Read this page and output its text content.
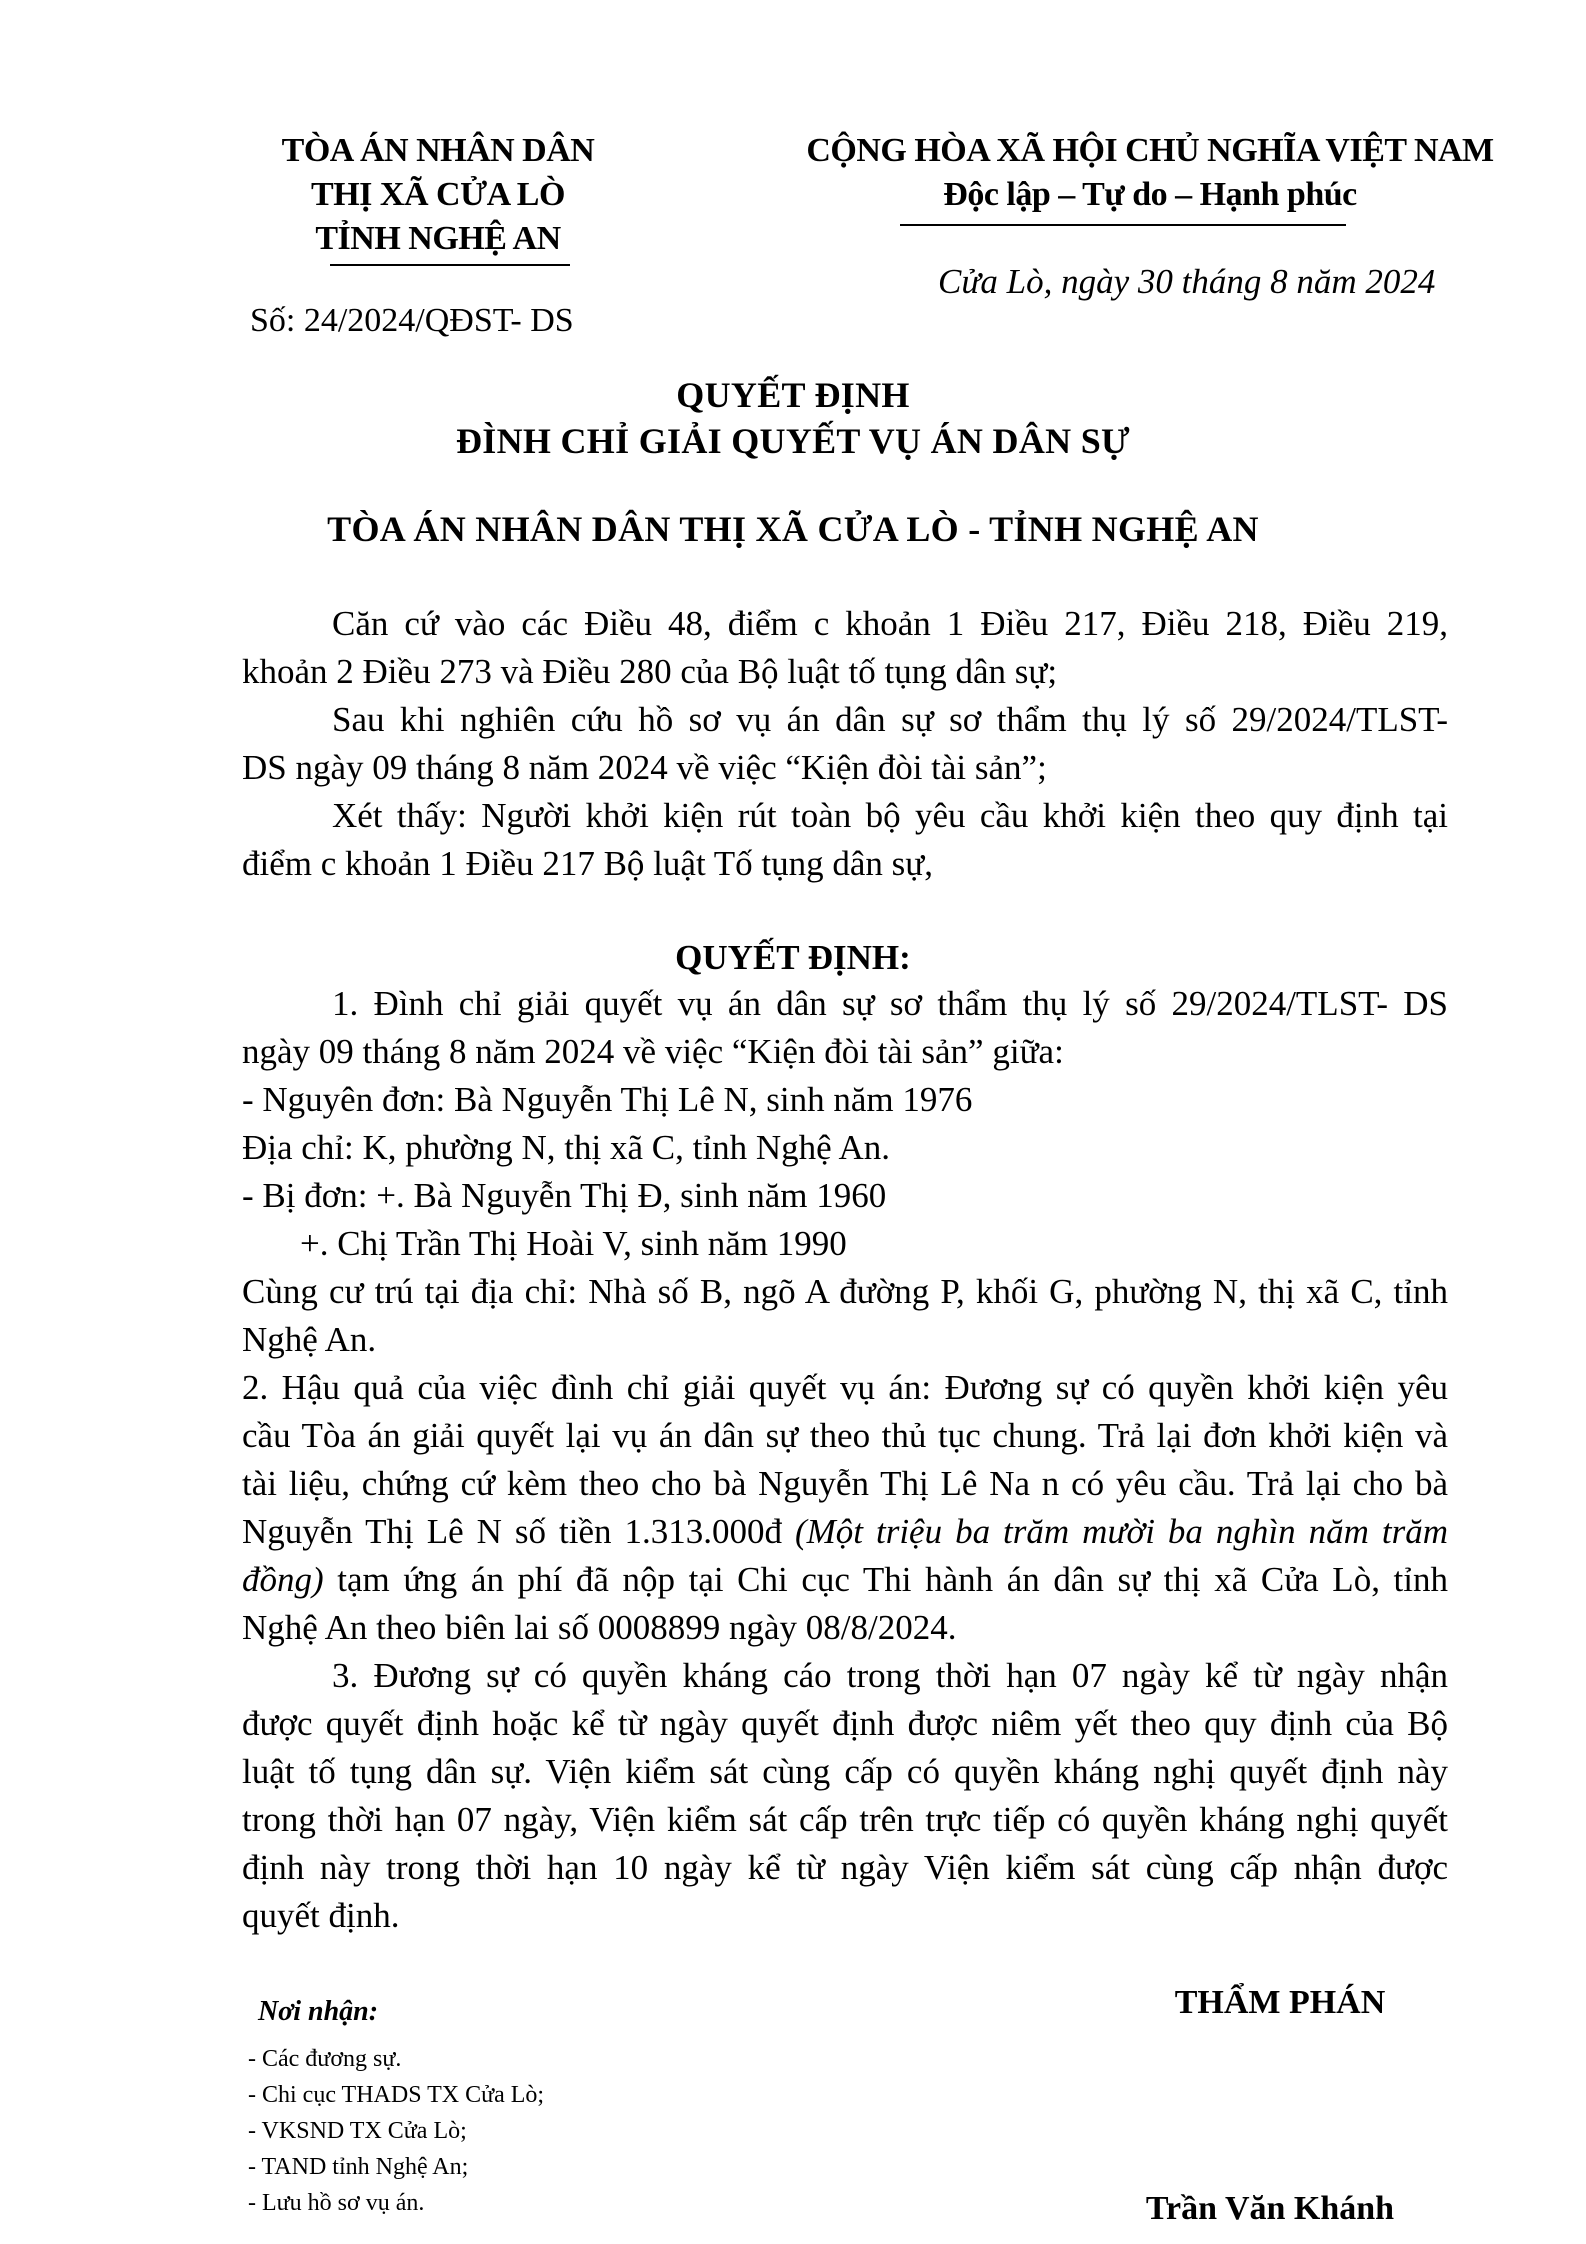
TÒA ÁN NHÂN DÂN
THỊ XÃ CỬA LÒ
TỈNH NGHỆ AN
Số: 24/2024/QĐST- DS
CỘNG HÒA XÃ HỘI CHỦ NGHĨA VIỆT NAM
Độc lập – Tự do – Hạnh phúc
Cửa Lò, ngày 30 tháng 8 năm 2024
QUYẾT ĐỊNH
ĐÌNH CHỈ GIẢI QUYẾT VỤ ÁN DÂN SỰ
TÒA ÁN NHÂN DÂN THỊ XÃ CỬA LÒ - TỈNH NGHỆ AN
Căn cứ vào các Điều 48, điểm c khoản 1 Điều 217, Điều 218, Điều 219,
khoản 2 Điều 273 và Điều 280 của Bộ luật tố tụng dân sự;
Sau khi nghiên cứu hồ sơ vụ án dân sự sơ thẩm thụ lý số 29/2024/TLST-
DS ngày 09 tháng 8 năm 2024 về việc “Kiện đòi tài sản”;
Xét thấy: Người khởi kiện rút toàn bộ yêu cầu khởi kiện theo quy định tại
điểm c khoản 1 Điều 217 Bộ luật Tố tụng dân sự,
QUYẾT ĐỊNH:
1. Đình chỉ giải quyết vụ án dân sự sơ thẩm thụ lý số 29/2024/TLST- DS
ngày 09 tháng 8 năm 2024 về việc “Kiện đòi tài sản” giữa:
- Nguyên đơn: Bà Nguyễn Thị Lê N, sinh năm 1976
Địa chỉ: K, phường N, thị xã C, tỉnh Nghệ An.
- Bị đơn: +. Bà Nguyễn Thị Đ, sinh năm 1960
+. Chị Trần Thị Hoài V, sinh năm 1990
Cùng cư trú tại địa chỉ: Nhà số B, ngõ A đường P, khối G, phường N, thị xã C, tỉnh
Nghệ An.
2. Hậu quả của việc đình chỉ giải quyết vụ án: Đương sự có quyền khởi kiện yêu
cầu Tòa án giải quyết lại vụ án dân sự theo thủ tục chung. Trả lại đơn khởi kiện và
tài liệu, chứng cứ kèm theo cho bà Nguyễn Thị Lê Na n có yêu cầu. Trả lại cho bà
Nguyễn Thị Lê N số tiền 1.313.000đ (Một triệu ba trăm mười ba nghìn năm trăm
đồng) tạm ứng án phí đã nộp tại Chi cục Thi hành án dân sự thị xã Cửa Lò, tỉnh
Nghệ An theo biên lai số 0008899 ngày 08/8/2024.
3. Đương sự có quyền kháng cáo trong thời hạn 07 ngày kể từ ngày nhận
được quyết định hoặc kể từ ngày quyết định được niêm yết theo quy định của Bộ
luật tố tụng dân sự. Viện kiểm sát cùng cấp có quyền kháng nghị quyết định này
trong thời hạn 07 ngày, Viện kiểm sát cấp trên trực tiếp có quyền kháng nghị quyết
định này trong thời hạn 10 ngày kể từ ngày Viện kiểm sát cùng cấp nhận được
quyết định.
Nơi nhận:
- Các đương sự.
- Chi cục THADS TX Cửa Lò;
- VKSND TX Cửa Lò;
- TAND tỉnh Nghệ An;
- Lưu hồ sơ vụ án.
THẨM PHÁN
Trần Văn Khánh
